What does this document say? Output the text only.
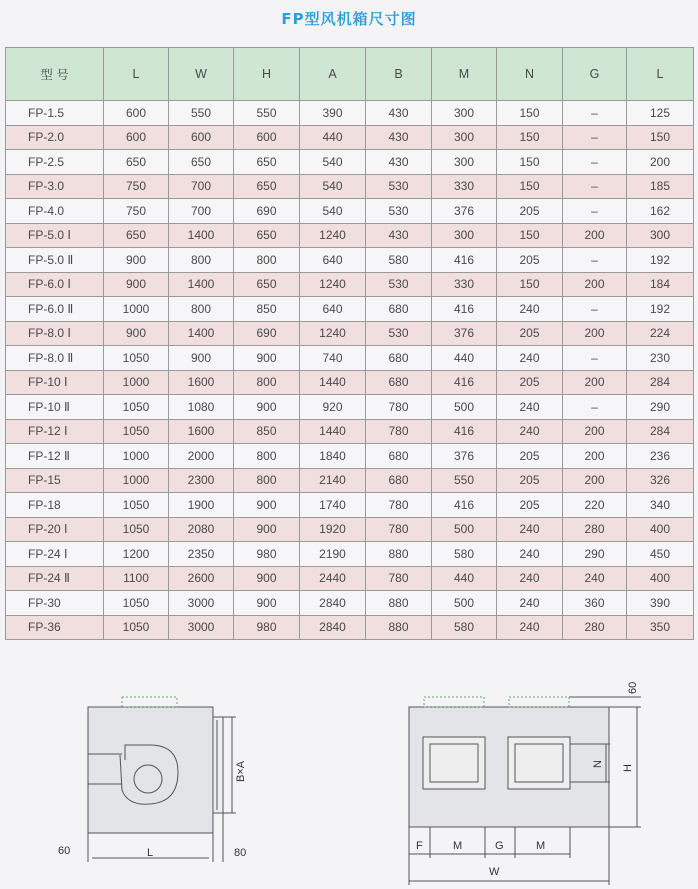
FP型风机箱尺寸图
型 号	L	W	H	A	B	M	N	G	L
FP-1.5	600	550	550	390	430	300	150	–	125
FP-2.0	600	600	600	440	430	300	150	–	150
FP-2.5	650	650	650	540	430	300	150	–	200
FP-3.0	750	700	650	540	530	330	150	–	185
FP-4.0	750	700	690	540	530	376	205	–	162
FP-5.0 Ⅰ	650	1400	650	1240	430	300	150	200	300
FP-5.0 Ⅱ	900	800	800	640	580	416	205	–	192
FP-6.0 Ⅰ	900	1400	650	1240	530	330	150	200	184
FP-6.0 Ⅱ	1000	800	850	640	680	416	240	–	192
FP-8.0 Ⅰ	900	1400	690	1240	530	376	205	200	224
FP-8.0 Ⅱ	1050	900	900	740	680	440	240	–	230
FP-10 Ⅰ	1000	1600	800	1440	680	416	205	200	284
FP-10 Ⅱ	1050	1080	900	920	780	500	240	–	290
FP-12 Ⅰ	1050	1600	850	1440	780	416	240	200	284
FP-12 Ⅱ	1000	2000	800	1840	680	376	205	200	236
FP-15	1000	2300	800	2140	680	550	205	200	326
FP-18	1050	1900	900	1740	780	416	205	220	340
FP-20 Ⅰ	1050	2080	900	1920	780	500	240	280	400
FP-24 Ⅰ	1200	2350	980	2190	880	580	240	290	450
FP-24 Ⅱ	1100	2600	900	2440	780	440	240	240	400
FP-30	1050	3000	900	2840	880	500	240	360	390
FP-36	1050	3000	980	2840	880	580	240	280	350
60	L	80
B×A
60
H
N
F	M	G	M
W
